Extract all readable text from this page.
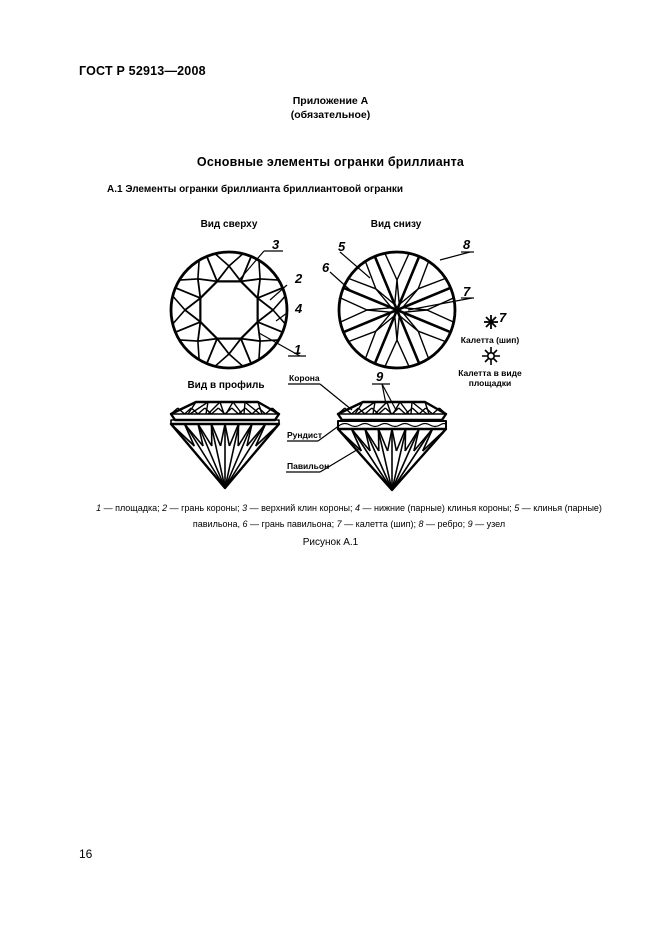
ГОСТ Р 52913—2008
Приложение А
(обязательное)
Основные элементы огранки бриллианта
А.1 Элементы огранки бриллианта бриллиантовой огранки
Вид сверху	Вид снизу
Вид в профиль
3
2
4
1
5
6
8
7
7
9
Калетта (шип)
Калетта в виде
площадки
Корона
Рундист
Павильон
1 — площадка; 2 — грань короны; 3 — верхний клин короны; 4 — нижние (парные) клинья короны; 5 — клинья (парные) павильона, 6 — грань павильона; 7 — калетта (шип); 8 — ребро; 9 — узел
Рисунок А.1
16
